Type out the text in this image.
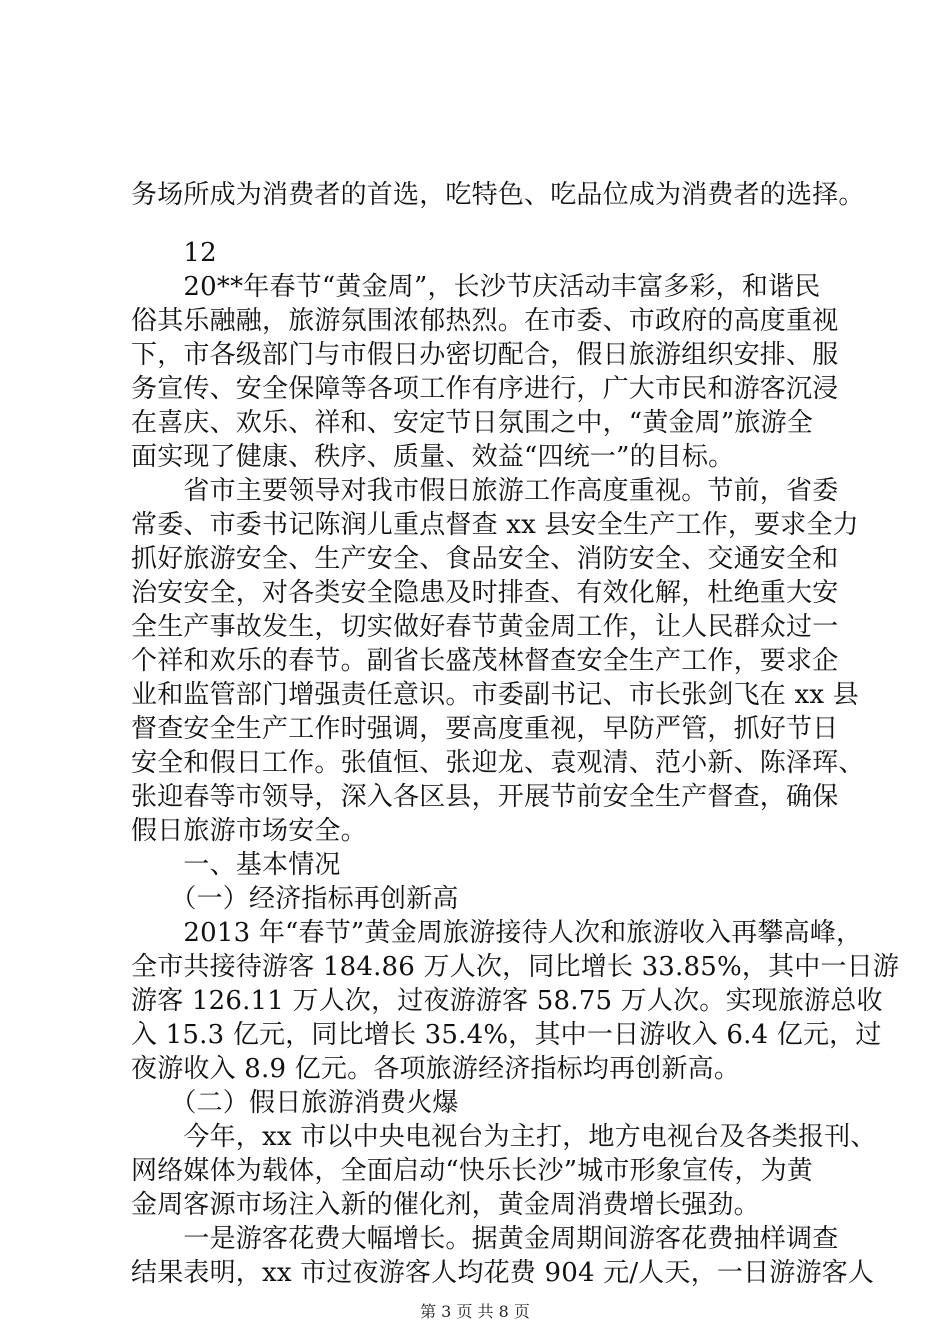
务场所成为消费者的首选，吃特色、吃品位成为消费者的选择。
　　12
　　20**年春节“黄金周”，长沙节庆活动丰富多彩，和谐民
俗其乐融融，旅游氛围浓郁热烈。在市委、市政府的高度重视
下，市各级部门与市假日办密切配合，假日旅游组织安排、服
务宣传、安全保障等各项工作有序进行，广大市民和游客沉浸
在喜庆、欢乐、祥和、安定节日氛围之中，“黄金周”旅游全
面实现了健康、秩序、质量、效益“四统一”的目标。
　　省市主要领导对我市假日旅游工作高度重视。节前，省委
常委、市委书记陈润儿重点督查 xx 县安全生产工作，要求全力
抓好旅游安全、生产安全、食品安全、消防安全、交通安全和
治安安全，对各类安全隐患及时排查、有效化解，杜绝重大安
全生产事故发生，切实做好春节黄金周工作，让人民群众过一
个祥和欢乐的春节。副省长盛茂林督查安全生产工作，要求企
业和监管部门增强责任意识。市委副书记、市长张剑飞在 xx 县
督查安全生产工作时强调，要高度重视，早防严管，抓好节日
安全和假日工作。张值恒、张迎龙、袁观清、范小新、陈泽珲、
张迎春等市领导，深入各区县，开展节前安全生产督查，确保
假日旅游市场安全。
　　一、基本情况
　　（一）经济指标再创新高
　　2013 年“春节”黄金周旅游接待人次和旅游收入再攀高峰，
全市共接待游客 184.86 万人次，同比增长 33.85%，其中一日游
游客 126.11 万人次，过夜游游客 58.75 万人次。实现旅游总收
入 15.3 亿元，同比增长 35.4%，其中一日游收入 6.4 亿元，过
夜游收入 8.9 亿元。各项旅游经济指标均再创新高。
　　（二）假日旅游消费火爆
　　今年，xx 市以中央电视台为主打，地方电视台及各类报刊、
网络媒体为载体，全面启动“快乐长沙”城市形象宣传，为黄
金周客源市场注入新的催化剂，黄金周消费增长强劲。
　　一是游客花费大幅增长。据黄金周期间游客花费抽样调查
结果表明，xx 市过夜游客人均花费 904 元/人天，一日游游客人
第 3 页 共 8 页
